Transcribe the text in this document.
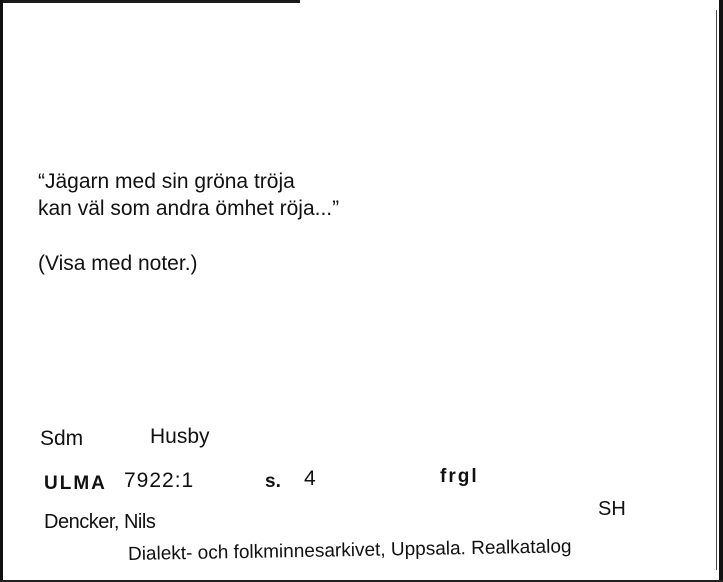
“Jägarn med sin gröna tröja
kan väl som andra ömhet röja...”
(Visa med noter.)
Sdm	Husby
ULMA 7922:1	s. 4	frgl
Dencker, Nils
SH
Dialekt- och folkminnesarkivet, Uppsala. Realkatalog
